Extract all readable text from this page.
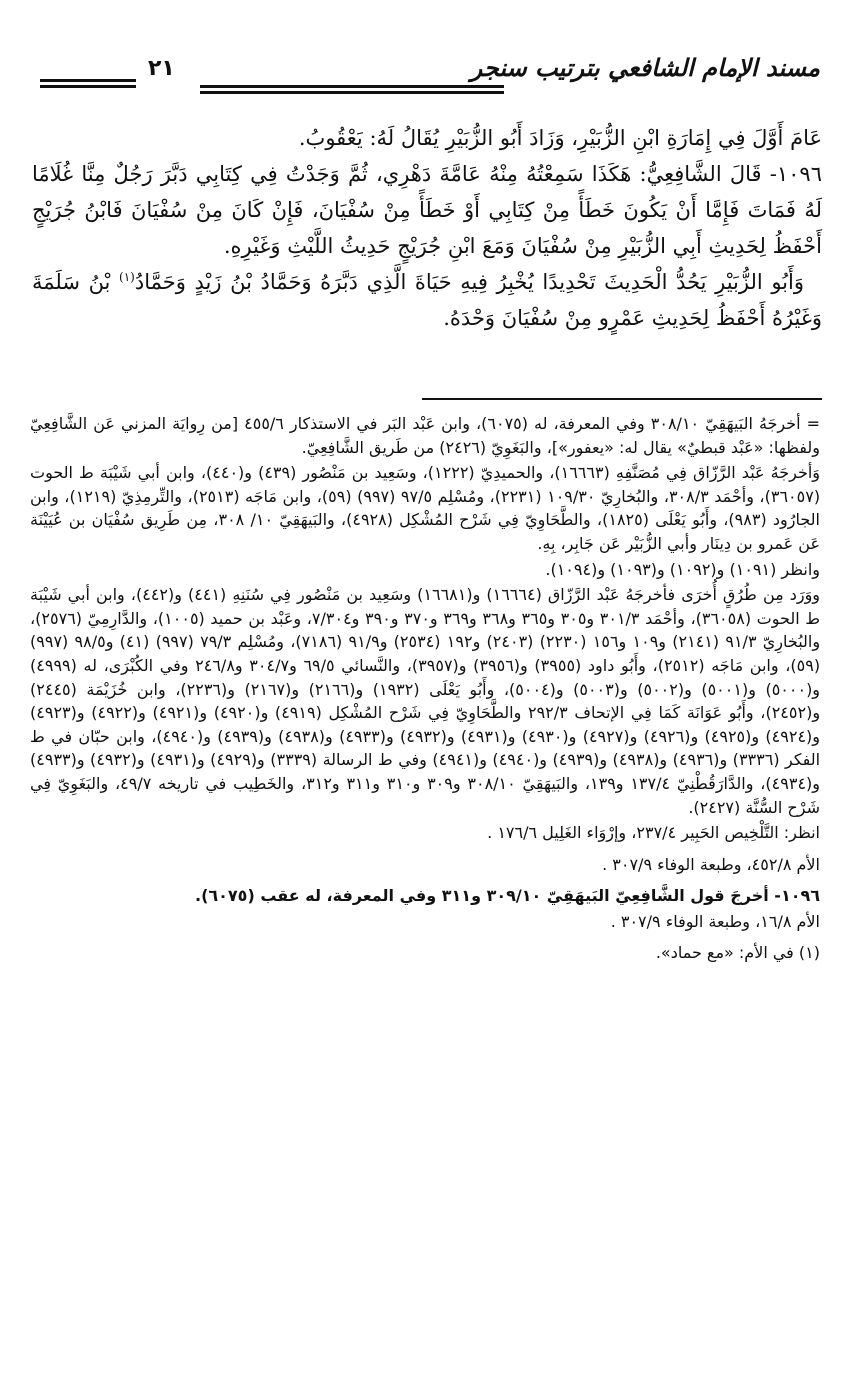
مسند الإمام الشافعي بترتيب سنجر
٢١

عَامَ أَوَّلَ فِي إِمَارَةِ ابْنِ الزُّبَيْرِ، وَزَادَ أَبُو الزُّبَيْرِ يُقَالُ لَهُ: يَعْقُوبُ.

١٠٩٦- قَالَ الشَّافِعِيُّ: هَكَذَا سَمِعْتُهُ مِنْهُ عَامَّةَ دَهْرِي، ثُمَّ وَجَدْتُ فِي كِتَابِي دَبَّرَ رَجُلٌ مِنَّا غُلَامًا لَهُ فَمَاتَ فَإِمَّا أَنْ يَكُونَ خَطَأً مِنْ كِتَابِي أَوْ خَطَأً مِنْ سُفْيَانَ، فَإِنْ كَانَ مِنْ سُفْيَانَ فَابْنُ جُرَيْجٍ أَحْفَظُ لِحَدِيثِ أَبِي الزُّبَيْرِ مِنْ سُفْيَانَ وَمَعَ ابْنِ جُرَيْجٍ حَدِيثُ اللَّيْثِ وَغَيْرِهِ.

وَأَبُو الزُّبَيْرِ يَحُدُّ الْحَدِيثَ تَحْدِيدًا يُخْبِرُ فِيهِ حَيَاةَ الَّذِي دَبَّرَهُ وَحَمَّادُ بْنُ زَيْدٍ وَحَمَّادُ$^{(١)}$ بْنُ سَلَمَةَ وَغَيْرُهُ أَحْفَظُ لِحَدِيثِ عَمْرٍو مِنْ سُفْيَانَ وَحْدَهُ.

= أخرجَهُ البَيهَقِيّ ٣٠٨/١٠ وفي المعرفة، له (٦٠٧٥)، وابن عَبْد البَر في الاستذكار ٤٥٥/٦ [من رِوايَة المزني عَن الشَّافِعِيّ ولفظها: «عَبْد قبطيٌ» يقال له: «يعفور»]، والبَغَوِيّ (٢٤٢٦) من طَريق الشَّافِعِيّ.

وَأخرجَهُ عَبْد الرَّزّاق فِي مُصَنَّفِهِ (١٦٦٦٣)، والحميدِيّ (١٢٢٢)، وسَعِيد بن مَنْصُور (٤٣٩) و(٤٤٠)، وابن أبي شَيْبَة ط الحوت (٣٦٠٥٧)، وأحْمَد ٣٠٨/٣، والبُخارِيّ ١٠٩/٣٠ (٢٢٣١)، ومُسْلِم ٩٧/٥ (٩٩٧) (٥٩)، وابن مَاجَه (٢٥١٣)، والتِّرمِذِيّ (١٢١٩)، وابن الجارُود (٩٨٣)، وأَبُو يَعْلَى (١٨٢٥)، والطَّحَاوِيّ فِي شَرْح المُشْكِل (٤٩٢٨)، والبَيهَقِيّ ١٠/ ٣٠٨، مِن طَرِيق سُفْيَان بن عُيَيْنَة عَن عَمرو بن دِينَار وأبي الزُّبَيْر عَن جَابِر، بِهِ.

وانظر (١٠٩١) و(١٠٩٢) و(١٠٩٣) و(١٠٩٤).

ووَرَد مِن طُرُقٍ أُخرَى فأخرجَهُ عَبْد الرَّزّاق (١٦٦٦٤) و(١٦٦٨١) وسَعِيد بن مَنْصُور فِي سُنَنِهِ (٤٤١) و(٤٤٢)، وابن أبي شَيْبَة ط الحوت (٣٦٠٥٨)، وأحْمَد ٣٠١/٣ و٣٠٥ و٣٦٥ و٣٦٨ و٣٦٩ و٣٧٠ و٣٩٠ و٧/٣٠٤، وعَبْد بن حميد (١٠٠٥)، والدَّارِمِيّ (٢٥٧٦)، والبُخارِيّ ٩١/٣ (٢١٤١) و١٠٩ و١٥٦ (٢٢٣٠) (٢٤٠٣) و١٩٢ (٢٥٣٤) و٩١/٩ (٧١٨٦)، ومُسْلِم ٧٩/٣ (٩٩٧) (٤١) و٩٨/٥ (٩٩٧) (٥٩)، وابن مَاجَه (٢٥١٢)، وأَبُو داود (٣٩٥٥) و(٣٩٥٦) و(٣٩٥٧)، والنَّسائي ٦٩/٥ و٣٠٤/٧ و٢٤٦/٨ وفي الكُبْرَى، له (٤٩٩٩) و(٥٠٠٠) و(٥٠٠١) و(٥٠٠٢) و(٥٠٠٣) و(٥٠٠٤)، وأَبُو يَعْلَى (١٩٣٢) و(٢١٦٦) و(٢١٦٧) و(٢٢٣٦)، وابن خُزَيْمَة (٢٤٤٥) و(٢٤٥٢)، وأَبُو عَوَانَة كَمَا فِي الإتحاف ٢٩٢/٣ والطَّحَاوِيّ فِي شَرْح المُشْكِل (٤٩١٩) و(٤٩٢٠) و(٤٩٢١) و(٤٩٢٢) و(٤٩٢٣) و(٤٩٢٤) و(٤٩٢٥) و(٤٩٢٦) و(٤٩٢٧) و(٤٩٣٠) و(٤٩٣١) و(٤٩٣٢) و(٤٩٣٣) و(٤٩٣٨) و(٤٩٣٩) و(٤٩٤٠)، وابن حبّان في ط الفكر (٣٣٣٦) و(٤٩٣٦) و(٤٩٣٨) و(٤٩٣٩) و(٤٩٤٠) و(٤٩٤١) وفي ط الرسالة (٣٣٣٩) و(٤٩٢٩) و(٤٩٣١) و(٤٩٣٢) و(٤٩٣٣) و(٤٩٣٤)، والدَّارَقُطْنِيّ ١٣٧/٤ و١٣٩، والبَيهَقِيّ ٣٠٨/١٠ و٣٠٩ و٣١٠ و٣١١ و٣١٢، والخَطِيب في تاريخه ٤٩/٧، والبَغَوِيّ فِي شَرْح السُّنَّة (٢٤٢٧).

انظر: التَّلْخِيص الحَبِير ٢٣٧/٤، وإرْوَاء الغَلِيل ١٧٦/٦ .

الأم ٤٥٢/٨، وطبعة الوفاء ٣٠٧/٩ .

١٠٩٦- أخرجَ قول الشَّافِعِيّ البَيهَقِيّ ٣٠٩/١٠ و٣١١ وفي المعرفة، له عقب (٦٠٧٥).

الأم ١٦/٨، وطبعة الوفاء ٣٠٧/٩ .

(١) في الأم: «مع حماد».
